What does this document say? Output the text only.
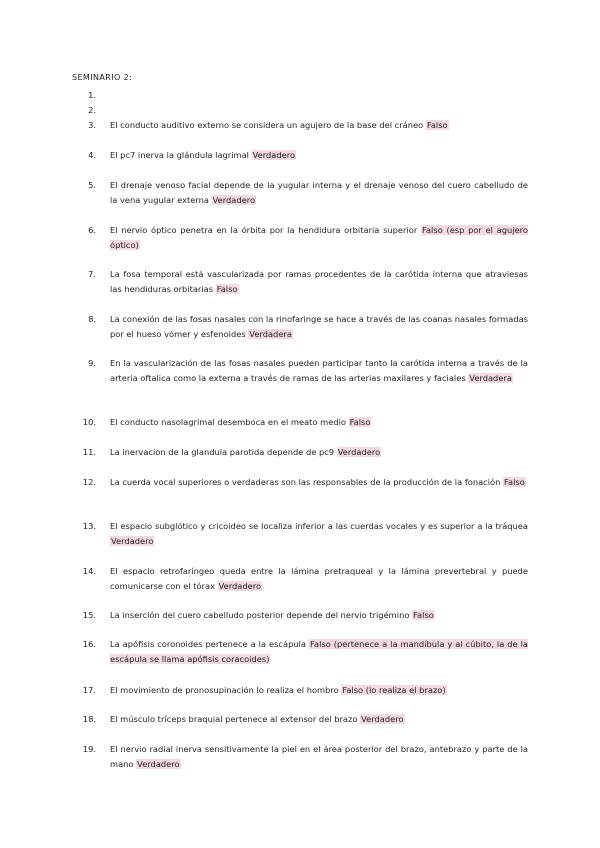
SEMINARIO 2:
1.
2.
3. El conducto auditivo externo se considera un agujero de la base del cráneo Falso
4. El pc7 inerva la glándula lagrimal Verdadero
5. El drenaje venoso facial depende de la yugular interna y el drenaje venoso del cuero cabelludo de la vena yugular externa Verdadero
6. El nervio óptico penetra en la órbita por la hendidura orbitaria superior Falso (esp por el agujero óptico)
7. La fosa temporal está vascularizada por ramas procedentes de la carótida interna que atraviesas las hendiduras orbitarias Falso
8. La conexión de las fosas nasales con la rinofaringe se hace a través de las coanas nasales formadas por el hueso vómer y esfenoides Verdadera
9. En la vascularización de las fosas nasales pueden participar tanto la carótida interna a través de la arteria oftalica como la externa a través de ramas de las arterias maxilares y faciales Verdadera
10. El conducto nasolagrimal desemboca en el meato medio Falso
11. La inervacion de la glandula parotida depende de pc9 Verdadero
12. La cuerda vocal superiores o verdaderas son las responsables de la producción de la fonación Falso
13. El espacio subglótico y cricoideo se localiza inferior a las cuerdas vocales y es superior a la tráquea Verdadero
14. El espacio retrofaríngeo queda entre la lámina pretraqueal y la lámina prevertebral y puede comunicarse con el tórax Verdadero
15. La inserción del cuero cabelludo posterior depende del nervio trigémino Falso
16. La apófisis coronoides pertenece a la escápula Falso (pertenece a la mandíbula y al cúbito, la de la escápula se llama apófisis coracoides)
17. El movimiento de pronosupinación lo realiza el hombro Falso (lo realiza el brazo)
18. El músculo tríceps braquial pertenece al extensor del brazo Verdadero
19. El nervio radial inerva sensitivamente la piel en el área posterior del brazo, antebrazo y parte de la mano Verdadero
